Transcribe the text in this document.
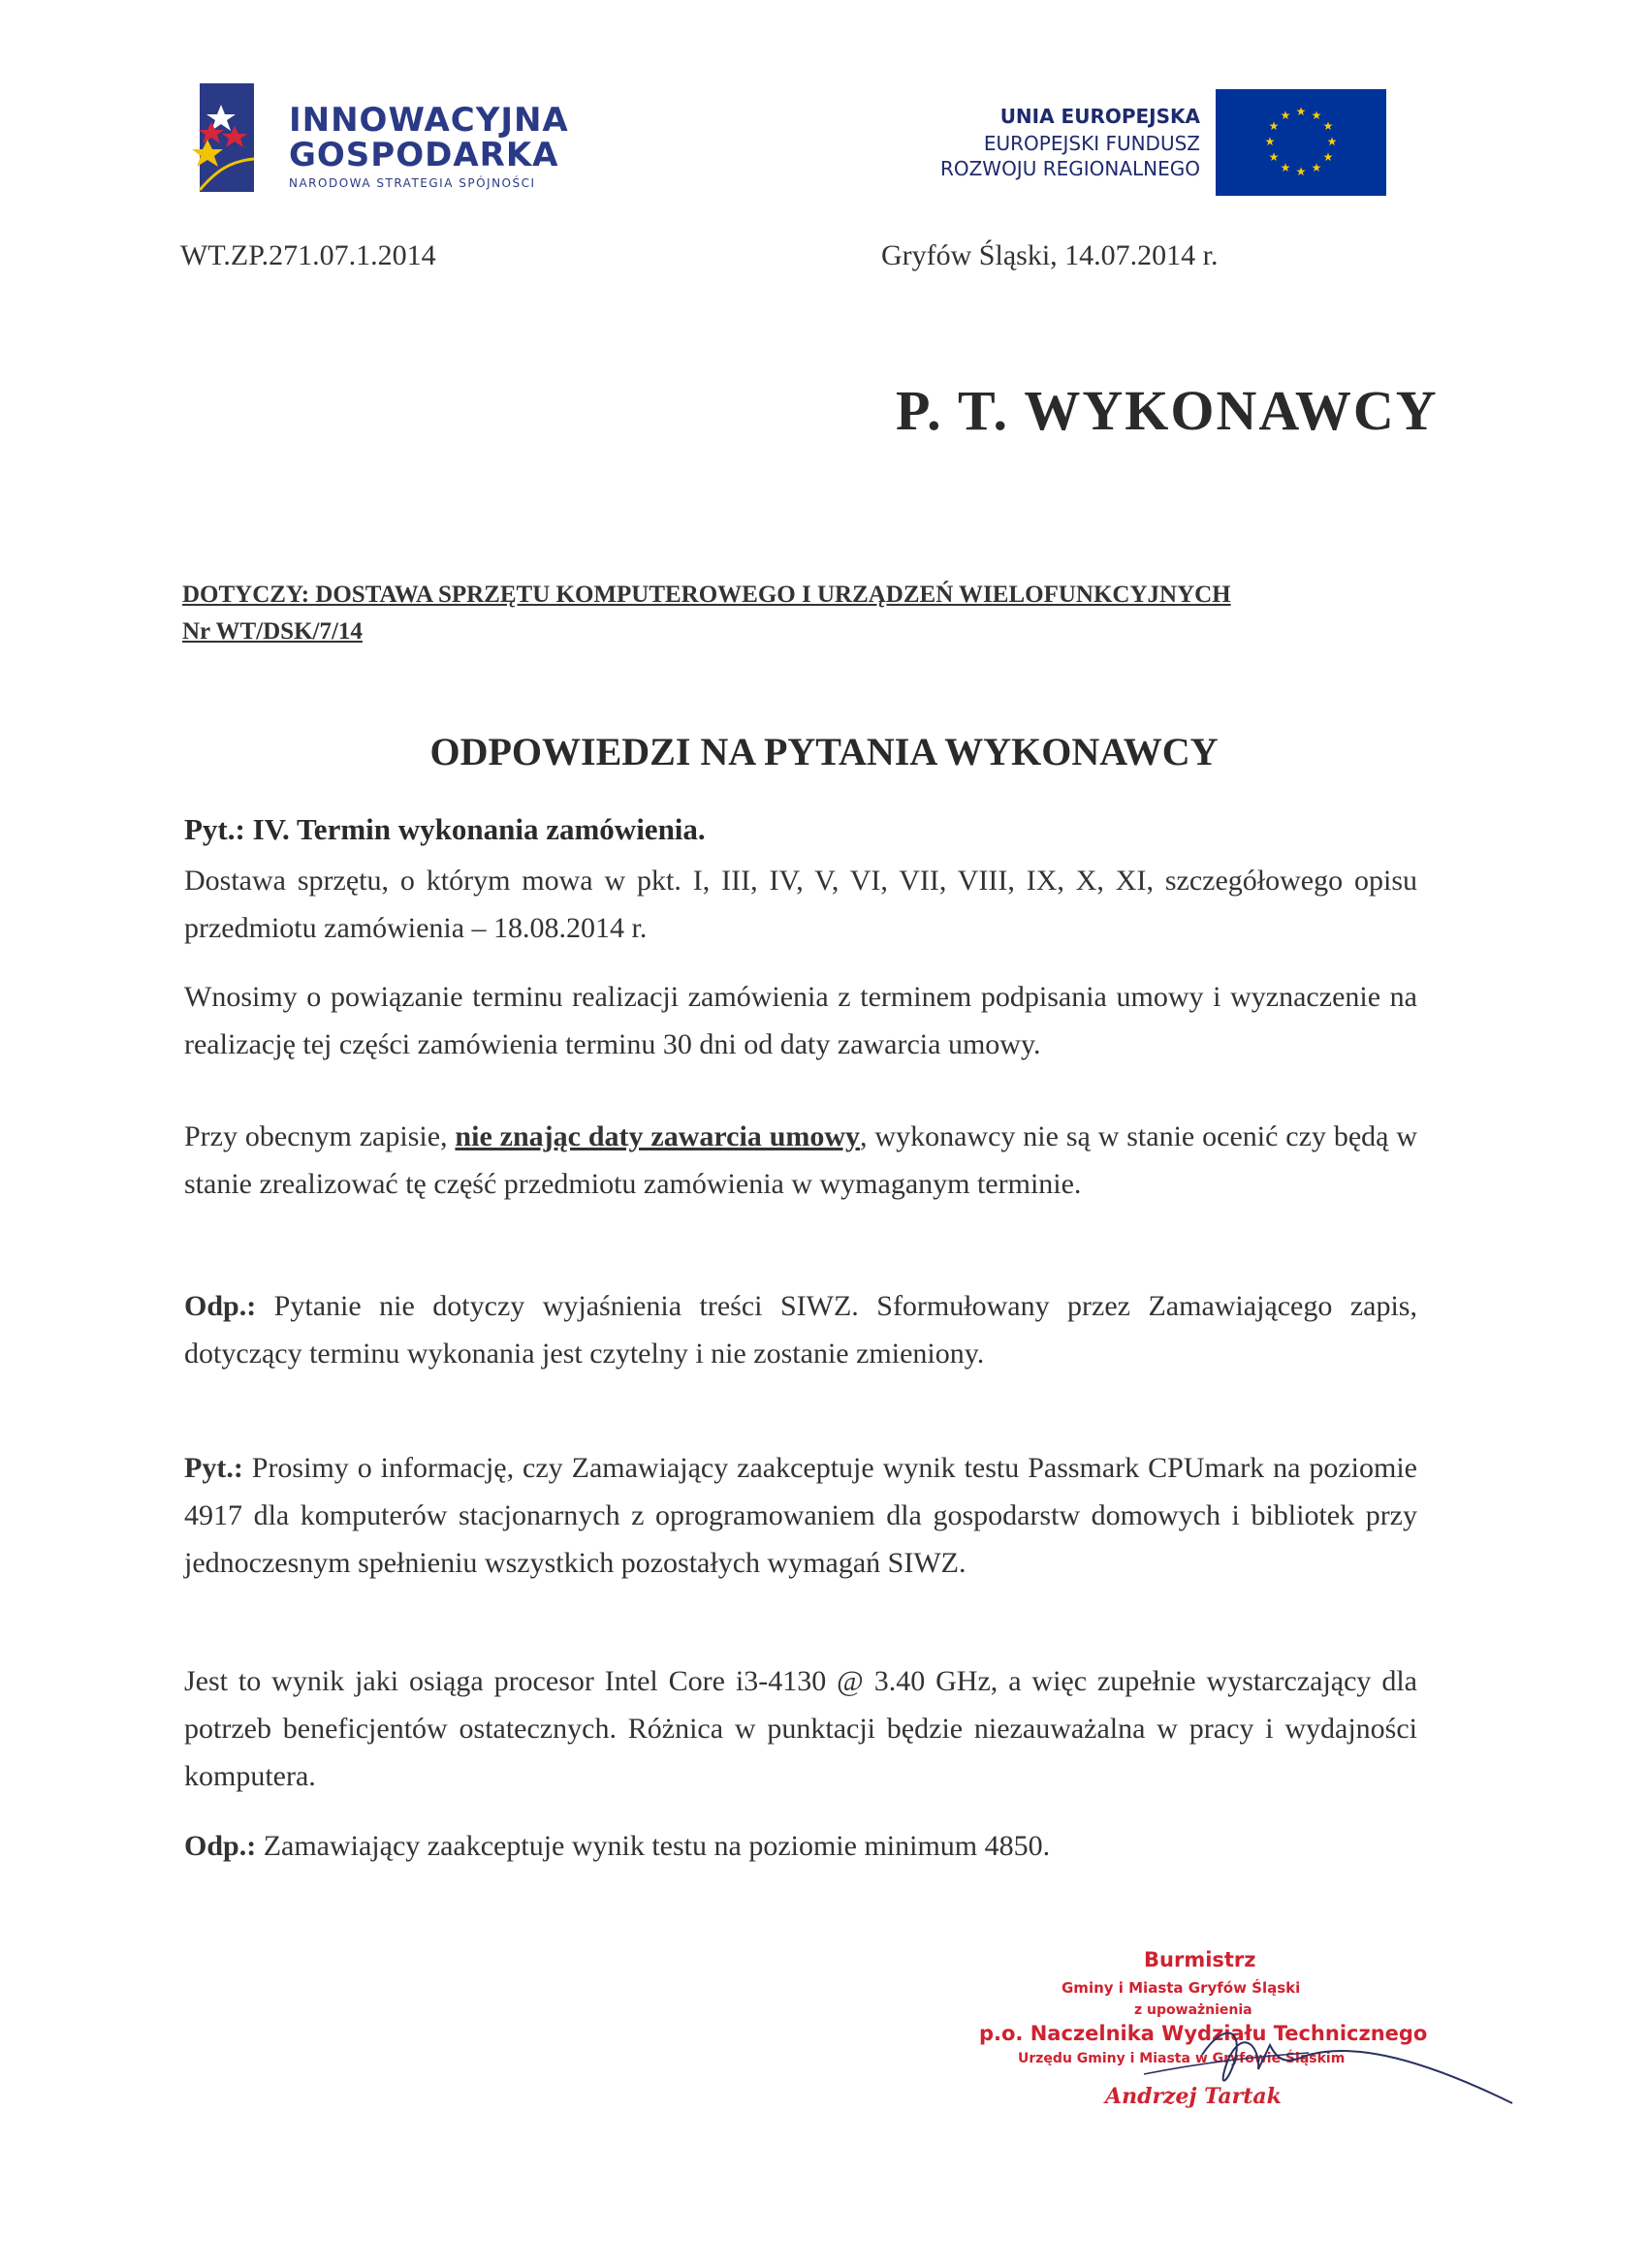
INNOWACYJNA
GOSPODARKA
NARODOWA STRATEGIA SPÓJNOŚCI
UNIA EUROPEJSKA
EUROPEJSKI FUNDUSZ
ROZWOJU REGIONALNEGO
★ ★
★
★
★
★
★
★
★
★
★
★
WT.ZP.271.07.1.2014	Gryfów Śląski, 14.07.2014 r.
P. T. WYKONAWCY
DOTYCZY: DOSTAWA SPRZĘTU KOMPUTEROWEGO I URZĄDZEŃ WIELOFUNKCYJNYCH
Nr WT/DSK/7/14
ODPOWIEDZI NA PYTANIA WYKONAWCY
Pyt.: IV. Termin wykonania zamówienia.
Dostawa sprzętu, o którym mowa w pkt. I, III, IV, V, VI, VII, VIII, IX, X, XI, szczegółowego opisu przedmiotu zamówienia – 18.08.2014 r.
Wnosimy o powiązanie terminu realizacji zamówienia z terminem podpisania umowy i wyznaczenie na realizację tej części zamówienia terminu 30 dni od daty zawarcia umowy.
Przy obecnym zapisie, nie znając daty zawarcia umowy, wykonawcy nie są w stanie ocenić czy będą w stanie zrealizować tę część przedmiotu zamówienia w wymaganym terminie.
Odp.: Pytanie nie dotyczy wyjaśnienia treści SIWZ. Sformułowany przez Zamawiającego zapis, dotyczący terminu wykonania jest czytelny i nie zostanie zmieniony.
Pyt.: Prosimy o informację, czy Zamawiający zaakceptuje wynik testu Passmark CPUmark na poziomie 4917 dla komputerów stacjonarnych z oprogramowaniem dla gospodarstw domowych i bibliotek przy jednoczesnym spełnieniu wszystkich pozostałych wymagań SIWZ.
Jest to wynik jaki osiąga procesor Intel Core i3-4130 @ 3.40 GHz, a więc zupełnie wystarczający dla potrzeb beneficjentów ostatecznych. Różnica w punktacji będzie niezauważalna w pracy i wydajności komputera.
Odp.: Zamawiający zaakceptuje wynik testu na poziomie minimum 4850.
Burmistrz
Gminy i Miasta Gryfów Śląski
z upoważnienia
p.o. Naczelnika Wydziału Technicznego
Urzędu Gminy i Miasta w Gryfowie Śląskim
Andrzej Tartak
